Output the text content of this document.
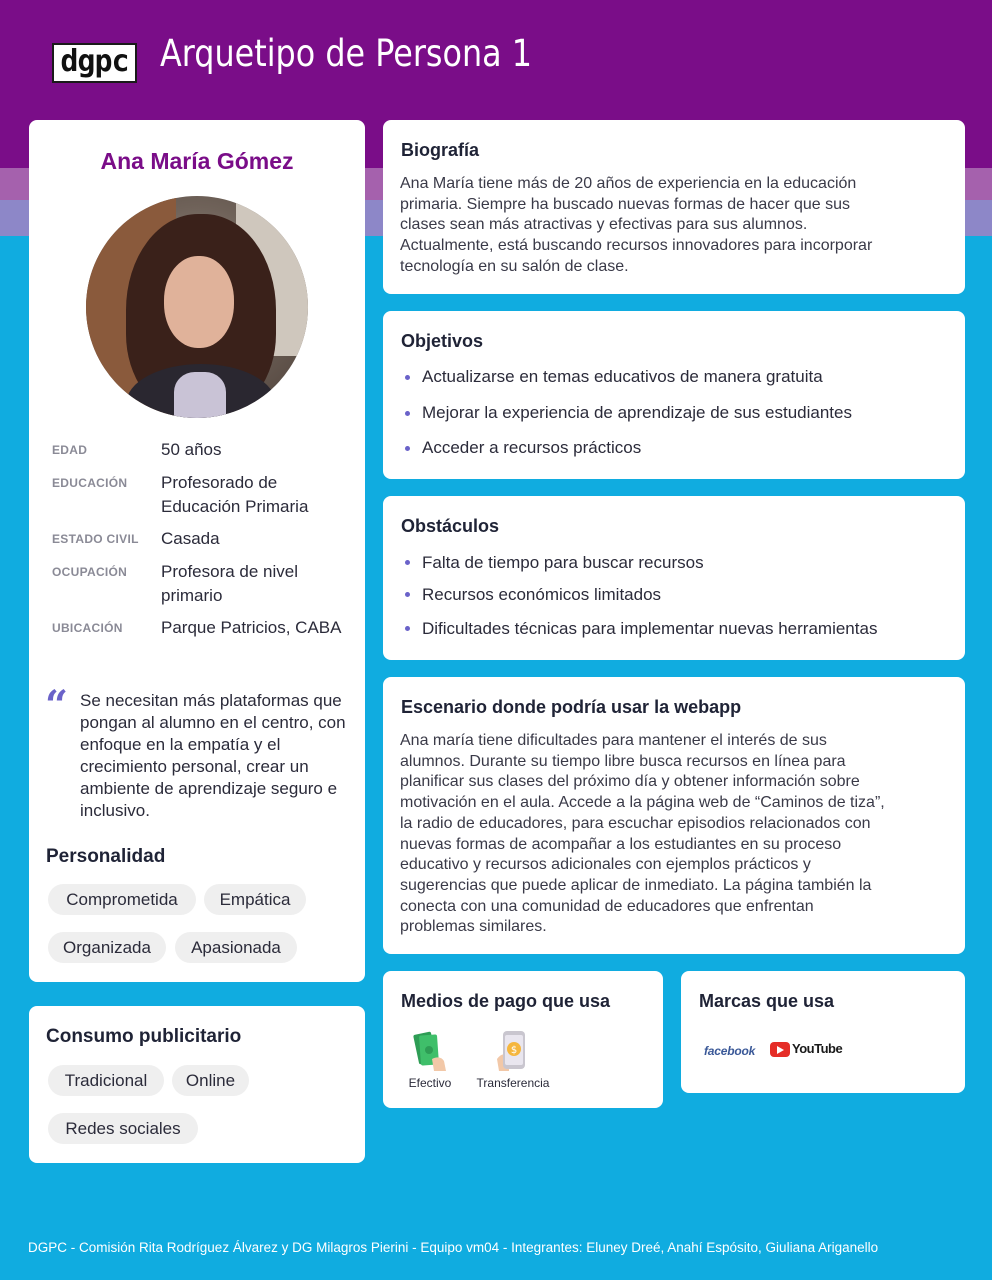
dgpc Arquetipo de Persona 1
Ana María Gómez
EDAD	50 años
EDUCACIÓN Profesorado de Educación Primaria
ESTADO CIVIL Casada
OCUPACIÓN Profesora de nivel primario
UBICACIÓN Parque Patricios, CABA
“ Se necesitan más plataformas que pongan al alumno en el centro, con enfoque en la empatía y el crecimiento personal, crear un ambiente de aprendizaje seguro e inclusivo.
Personalidad
Comprometida	Empática
Organizada	Apasionada
Consumo publicitario
Tradicional	Online
Redes sociales
Biografía
Ana María tiene más de 20 años de experiencia en la educación
primaria. Siempre ha buscado nuevas formas de hacer que sus
clases sean más atractivas y efectivas para sus alumnos.
Actualmente, está buscando recursos innovadores para incorporar
tecnología en su salón de clase.
Objetivos
Actualizarse en temas educativos de manera gratuita
Mejorar la experiencia de aprendizaje de sus estudiantes
Acceder a recursos prácticos
Obstáculos
Falta de tiempo para buscar recursos
Recursos económicos limitados
Dificultades técnicas para implementar nuevas herramientas
Escenario donde podría usar la webapp
Ana maría tiene dificultades para mantener el interés de sus
alumnos. Durante su tiempo libre busca recursos en línea para
planificar sus clases del próximo día y obtener información sobre
motivación en el aula. Accede a la página web de “Caminos de tiza”,
la radio de educadores, para escuchar episodios relacionados con
nuevas formas de acompañar a los estudiantes en su proceso
educativo y recursos adicionales con ejemplos prácticos y
sugerencias que puede aplicar de inmediato. La página también la
conecta con una comunidad de educadores que enfrentan
problemas similares.
Medios de pago que usa
Efectivo
$
Transferencia
Marcas que usa
facebook	YouTube
DGPC - Comisión Rita Rodríguez Álvarez y DG Milagros Pierini - Equipo vm04 - Integrantes: Eluney Dreé, Anahí Espósito, Giuliana Ariganello
